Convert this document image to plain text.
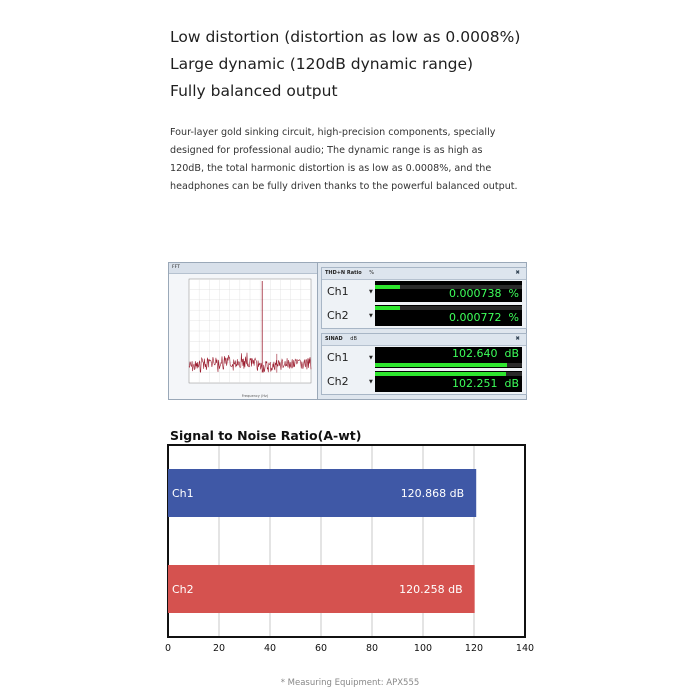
Low distortion (distortion as low as 0.0008%)
Large dynamic (120dB dynamic range)
Fully balanced output
Four-layer gold sinking circuit, high-precision components, specially
designed for professional audio; The dynamic range is as high as
120dB, the total harmonic distortion is as low as 0.0008%, and the
headphones can be fully driven thanks to the powerful balanced output.
FFT
Frequency (Hz)
THD+N Ratio %	✖
Ch1	▼	0.000738 %
Ch2	▼	0.000772 %
SINAD dB	✖
Ch1	▼	102.640 dB
Ch2	▼	102.251 dB
Signal to Noise Ratio(A-wt)
Ch1	120.868 dB
Ch2	120.258 dB
0	20	40	60	80	100	120	140
* Measuring Equipment: APX555
